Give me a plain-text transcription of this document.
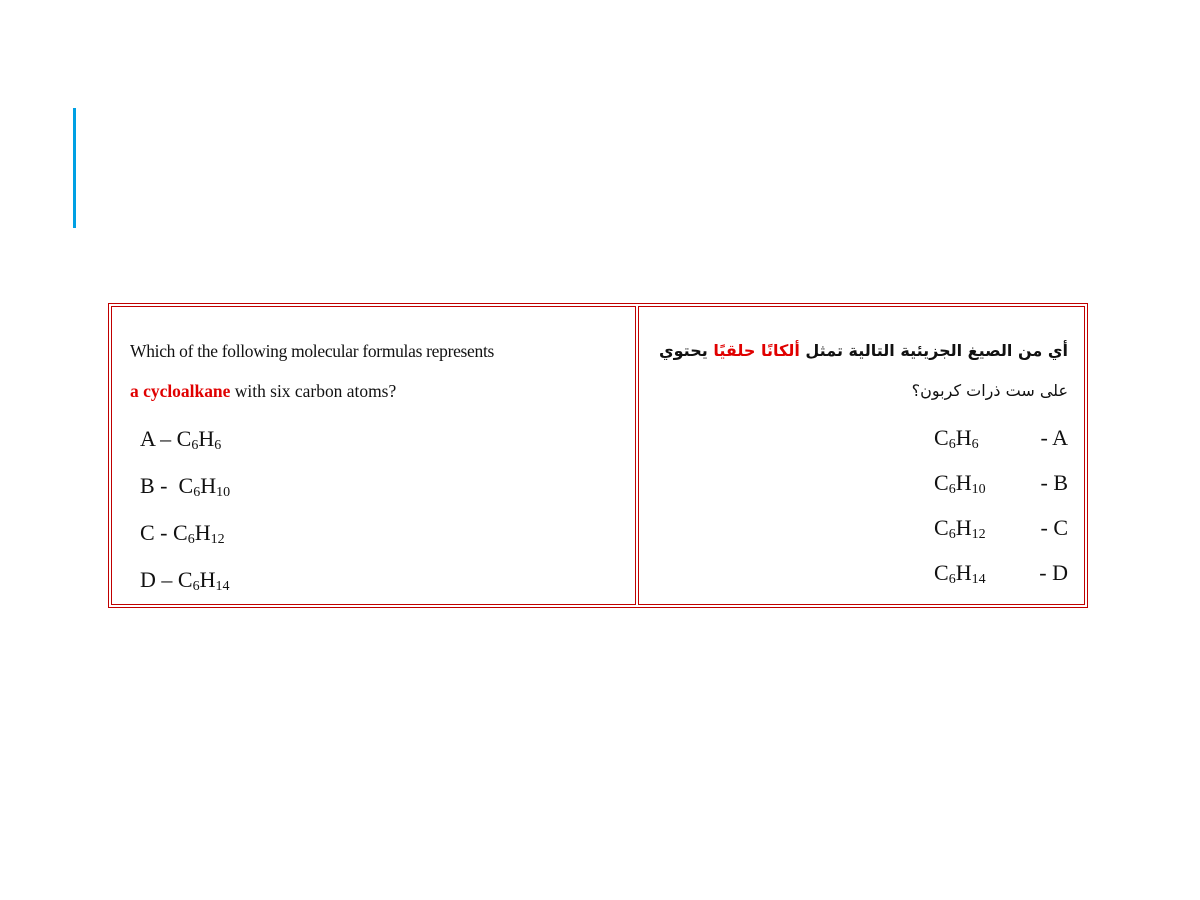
Which of the following molecular formulas represents
a cycloalkane with six carbon atoms?
A – $C_6H_6$
B -  $C_6H_{10}$
C - $C_6H_{12}$
D – $C_6H_{14}$
أي من الصيغ الجزيئية التالية تمثل ألكانًا حلقيًا يحتوي
على ست ذرات كربون؟
$C_6H_6$	- A
$C_6H_{10}$ - B
$C_6H_{12}$ - C
$C_6H_{14}$ - D
